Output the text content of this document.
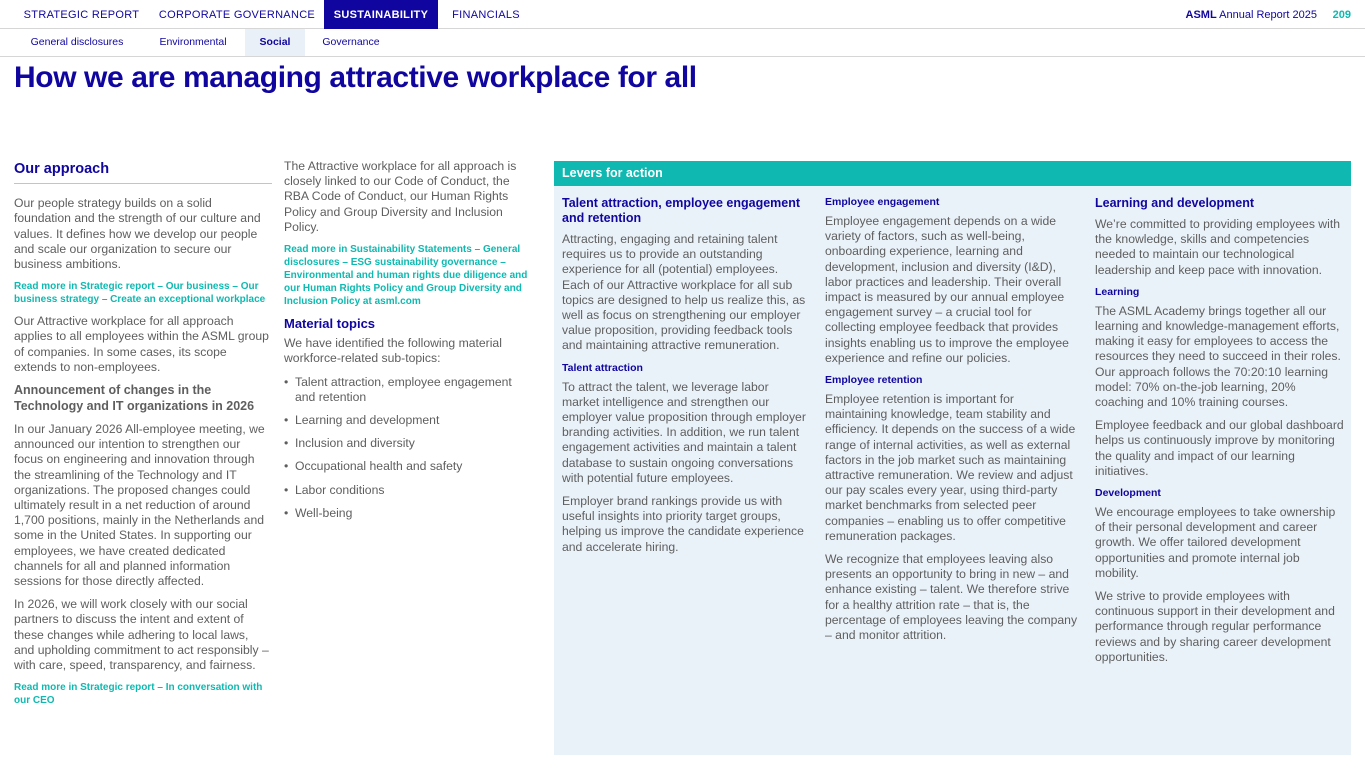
STRATEGIC REPORT	CORPORATE GOVERNANCE	SUSTAINABILITY	FINANCIALS	ASML Annual Report 2025 209
General disclosures	Environmental	Social	Governance
How we are managing attractive workplace for all
Our approach

Our people strategy builds on a solid foundation and the strength of our culture and values. It defines how we develop our people and scale our organization to secure our business ambitions.

Read more in Strategic report – Our business – Our business strategy – Create an exceptional workplace

Our Attractive workplace for all approach applies to all employees within the ASML group of companies. In some cases, its scope extends to non-employees.

Announcement of changes in the Technology and IT organizations in 2026

In our January 2026 All-employee meeting, we announced our intention to strengthen our focus on engineering and innovation through the streamlining of the Technology and IT organizations. The proposed changes could ultimately result in a net reduction of around 1,700 positions, mainly in the Netherlands and some in the United States. In supporting our employees, we have created dedicated channels for all and planned information sessions for those directly affected.

In 2026, we will work closely with our social partners to discuss the intent and extent of these changes while adhering to local laws, and upholding commitment to act responsibly – with care, speed, transparency, and fairness.

Read more in Strategic report – In conversation with our CEO

The Attractive workplace for all approach is closely linked to our Code of Conduct, the RBA Code of Conduct, our Human Rights Policy and Group Diversity and Inclusion Policy.

Read more in Sustainability Statements – General disclosures – ESG sustainability governance – Environmental and human rights due diligence and our Human Rights Policy and Group Diversity and Inclusion Policy at asml.com

Material topics

We have identified the following material workforce-related sub-topics:

• Talent attraction, employee engagement and retention
• Learning and development
• Inclusion and diversity
• Occupational health and safety
• Labor conditions
• Well-being
Levers for action
Talent attraction, employee engagement and retention

Attracting, engaging and retaining talent requires us to provide an outstanding experience for all (potential) employees. Each of our Attractive workplace for all sub topics are designed to help us realize this, as well as focus on strengthening our employer value proposition, providing feedback tools and maintaining attractive remuneration.

Talent attraction

To attract the talent, we leverage labor market intelligence and strengthen our employer value proposition through employer branding activities. In addition, we run talent engagement activities and maintain a talent database to sustain ongoing conversations with potential future employees.

Employer brand rankings provide us with useful insights into priority target groups, helping us improve the candidate experience and accelerate hiring.

Employee engagement

Employee engagement depends on a wide variety of factors, such as well-being, onboarding experience, learning and development, inclusion and diversity (I&D), labor practices and leadership. Their overall impact is measured by our annual employee engagement survey – a crucial tool for collecting employee feedback that provides insights enabling us to improve the employee experience and refine our policies.

Employee retention

Employee retention is important for maintaining knowledge, team stability and efficiency. It depends on the success of a wide range of internal activities, as well as external factors in the job market such as maintaining attractive remuneration. We review and adjust our pay scales every year, using third-party market benchmarks from selected peer companies – enabling us to offer competitive remuneration packages.

We recognize that employees leaving also presents an opportunity to bring in new – and enhance existing – talent. We therefore strive for a healthy attrition rate – that is, the percentage of employees leaving the company – and monitor attrition.

Learning and development

We’re committed to providing employees with the knowledge, skills and competencies needed to maintain our technological leadership and keep pace with innovation.

Learning

The ASML Academy brings together all our learning and knowledge-management efforts, making it easy for employees to access the resources they need to succeed in their roles. Our approach follows the 70:20:10 learning model: 70% on-the-job learning, 20% coaching and 10% training courses.

Employee feedback and our global dashboard helps us continuously improve by monitoring the quality and impact of our learning initiatives.

Development

We encourage employees to take ownership of their personal development and career growth. We offer tailored development opportunities and promote internal job mobility.

We strive to provide employees with continuous support in their development and performance through regular performance reviews and by sharing career development opportunities.
